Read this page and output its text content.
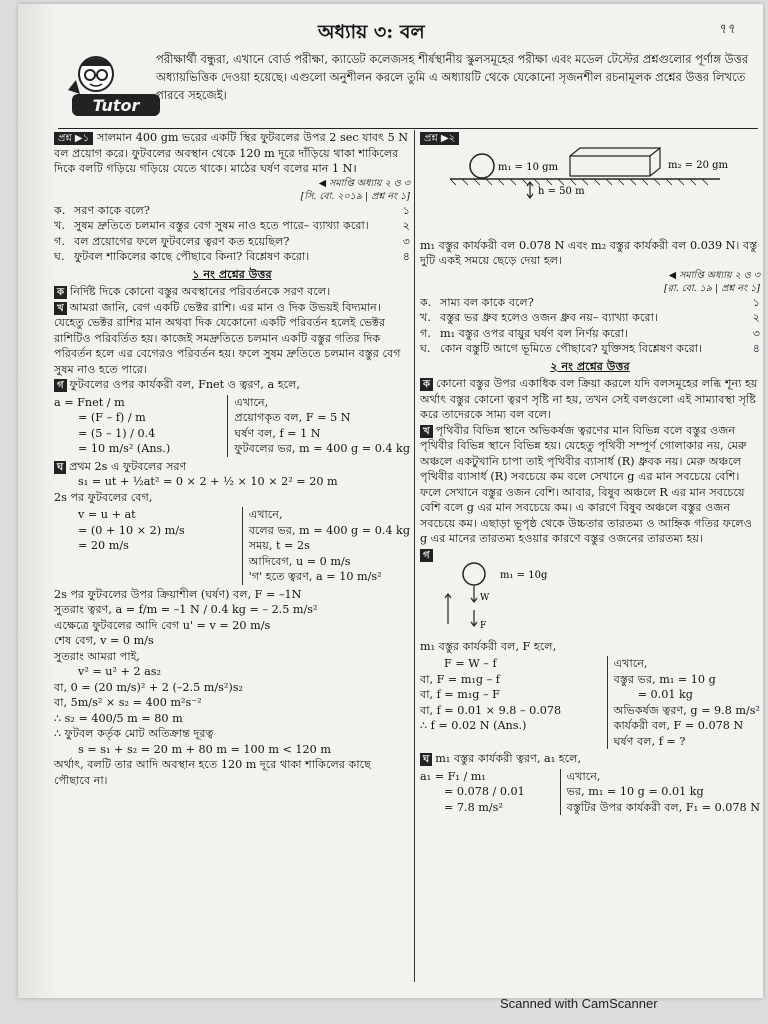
অধ্যায় ৩: বল	৭৭
Tutor
পরীক্ষার্থী বন্ধুরা, এখানে বোর্ড পরীক্ষা, ক্যাডেট কলেজসহ শীর্ষস্থানীয় স্কুলসমূহের পরীক্ষা এবং মডেল টেস্টের প্রশ্নগুলোর পূর্ণাঙ্গ উত্তর অধ্যায়ভিত্তিক দেওয়া হয়েছে। এগুলো অনুশীলন করলে তুমি এ অধ্যায়টি থেকে যেকোনো সৃজনশীল রচনামূলক প্রশ্নের উত্তর লিখতে পারবে সহজেই।

প্রশ্ন ▶১ সালমান 400 gm ভরের একটি স্থির ফুটবলের উপর 2 sec যাবৎ 5 N বল প্রয়োগ করে। ফুটবলের অবস্থান থেকে 120 m দূরে দাঁড়িয়ে থাকা শাকিলের দিকে বলটি গড়িয়ে গড়িয়ে যেতে থাকে। মাঠের ঘর্ষণ বলের মান 1 N।

◀ সমাপ্তি অধ্যায় ২ ও ৩
[সি. বো. ২০১৯ | প্রশ্ন নং ১]
ক. সরণ কাকে বলে?	১
খ. সুষম দ্রুতিতে চলমান বস্তুর বেগ সুষম নাও হতে পারে– ব্যাখ্যা করো।	২
গ. বল প্রয়োগের ফলে ফুটবলের ত্বরণ কত হয়েছিল?	৩
ঘ. ফুটবল শাকিলের কাছে পৌছাবে কিনা? বিশ্লেষণ করো।	৪
১ নং প্রশ্নের উত্তর

ক নির্দিষ্ট দিকে কোনো বস্তুর অবস্থানের পরিবর্তনকে সরণ বলে।

খ আমরা জানি, বেগ একটি ভেক্টর রাশি। এর মান ও দিক উভয়ই বিদ্যমান। যেহেতু ভেক্টর রাশির মান অথবা দিক যেকোনো একটি পরিবর্তন হলেই ভেক্টর রাশিটিও পরিবর্তিত হয়। কাজেই সমদ্রুতিতে চলমান একটি বস্তুর গতির দিক পরিবর্তন হলে এর বেগেরও পরিবর্তন হয়। ফলে সুষম দ্রুতিতে চলমান বস্তুর বেগ সুষম নাও হতে পারে।

গ ফুটবলের ওপর কার্যকরী বল, Fnet ও ত্বরণ, a হলে,

a = Fnet / m
= (F – f) / m
= (5 – 1) / 0.4
= 10 m/s² (Ans.)
এখানে,
প্রয়োগকৃত বল, F = 5 N
ঘর্ষণ বল, f = 1 N
ফুটবলের ভর, m = 400 g = 0.4 kg

ঘ প্রথম 2s এ ফুটবলের সরণ

s₁ = ut + ½at² = 0 × 2 + ½ × 10 × 2² = 20 m
2s পর ফুটবলের বেগ,
v = u + at
= (0 + 10 × 2) m/s
= 20 m/s
এখানে,
বলের ভর, m = 400 g = 0.4 kg
সময়, t = 2s
আদিবেগ, u = 0 m/s
'গ' হতে ত্বরণ, a = 10 m/s²
2s পর ফুটবলের উপর ক্রিয়াশীল (ঘর্ষণ) বল, F = –1N
সুতরাং ত্বরণ, a = f/m = –1 N / 0.4 kg = – 2.5 m/s²
এক্ষেত্রে ফুটবলের আদি বেগ u' = v = 20 m/s
শেষ বেগ, v = 0 m/s
সুতরাং আমরা পাই,
v² = u² + 2 as₂
বা, 0 = (20 m/s)² + 2 (–2.5 m/s²)s₂
বা, 5m/s² × s₂ = 400 m²s⁻²
∴ s₂ = 400/5 m = 80 m
∴ ফুটবল কর্তৃক মোট অতিক্রান্ত দূরত্ব
s = s₁ + s₂ = 20 m + 80 m = 100 m < 120 m
অর্থাৎ, বলটি তার আদি অবস্থান হতে 120 m দূরে থাকা শাকিলের কাছে পৌছাবে না।
প্রশ্ন ▶২
m₁ = 10 gm	m₂ = 20 gm
h = 50 m

m₁ বস্তুর কার্যকরী বল 0.078 N এবং m₂ বস্তুর কার্যকরী বল 0.039 N। বস্তু দুটি একই সময়ে ছেড়ে দেয়া হল।

◀ সমাপ্তি অধ্যায় ২ ও ৩
[রা. বো. ১৯ | প্রশ্ন নং ১]
ক. সাম্য বল কাকে বলে?	১
খ. বস্তুর ভর ধ্রুব হলেও ওজন ধ্রুব নয়– ব্যাখ্যা করো।	২
গ. m₁ বস্তুর ওপর বায়ুর ঘর্ষণ বল নির্ণয় করো।	৩
ঘ. কোন বস্তুটি আগে ভূমিতে পৌছাবে? যুক্তিসহ বিশ্লেষণ করো।	৪
২ নং প্রশ্নের উত্তর

ক কোনো বস্তুর উপর একাধিক বল ক্রিয়া করলে যদি বলসমূহের লব্ধি শূন্য হয় অর্থাৎ বস্তুর কোনো ত্বরণ সৃষ্টি না হয়, তখন সেই বলগুলো এই সাম্যাবস্থা সৃষ্টি করে তাদেরকে সাম্য বল বলে।

খ পৃথিবীর বিভিন্ন স্থানে অভিকর্ষজ ত্বরণের মান বিভিন্ন বলে বস্তুর ওজন পৃথিবীর বিভিন্ন স্থানে বিভিন্ন হয়। যেহেতু পৃথিবী সম্পূর্ণ গোলাকার নয়, মেরু অঞ্চলে একটুখানি চাপা তাই পৃথিবীর ব্যাসার্ধ (R) ধ্রুবক নয়। মেরু অঞ্চলে পৃথিবীর ব্যাসার্ধ (R) সবচেয়ে কম বলে সেখানে g এর মান সবচেয়ে বেশি। ফলে সেখানে বস্তুর ওজন বেশি। আবার, বিষুব অঞ্চলে R এর মান সবচেয়ে বেশি বলে g এর মান সবচেয়ে কম। এ কারণে বিষুব অঞ্চলে বস্তুর ওজন সবচেয়ে কম। এছাড়া ভূপৃষ্ঠ থেকে উচ্চতার তারতম্য ও আহ্নিক গতির ফলেও g এর মানের তারতম্য হওয়ার কারণে বস্তুর ওজনের তারতম্য হয়।

গ
m₁ = 10g
W
F
m₁ বস্তুর কার্যকরী বল, F হলে,
F = W – f
বা, F = m₁g – f
বা, f = m₁g – F
বা, f = 0.01 × 9.8 – 0.078
∴ f = 0.02 N (Ans.)
এখানে,
বস্তুর ভর, m₁ = 10 g
= 0.01 kg
অভিকর্ষজ ত্বরণ, g = 9.8 m/s²
কার্যকরী বল, F = 0.078 N
ঘর্ষণ বল, f = ?

ঘ m₁ বস্তুর কার্যকরী ত্বরণ, a₁ হলে,

a₁ = F₁ / m₁
= 0.078 / 0.01
= 7.8 m/s²
এখানে,
ভর, m₁ = 10 g = 0.01 kg
বস্তুটির উপর কার্যকরী বল, F₁ = 0.078 N
Scanned with CamScanner
